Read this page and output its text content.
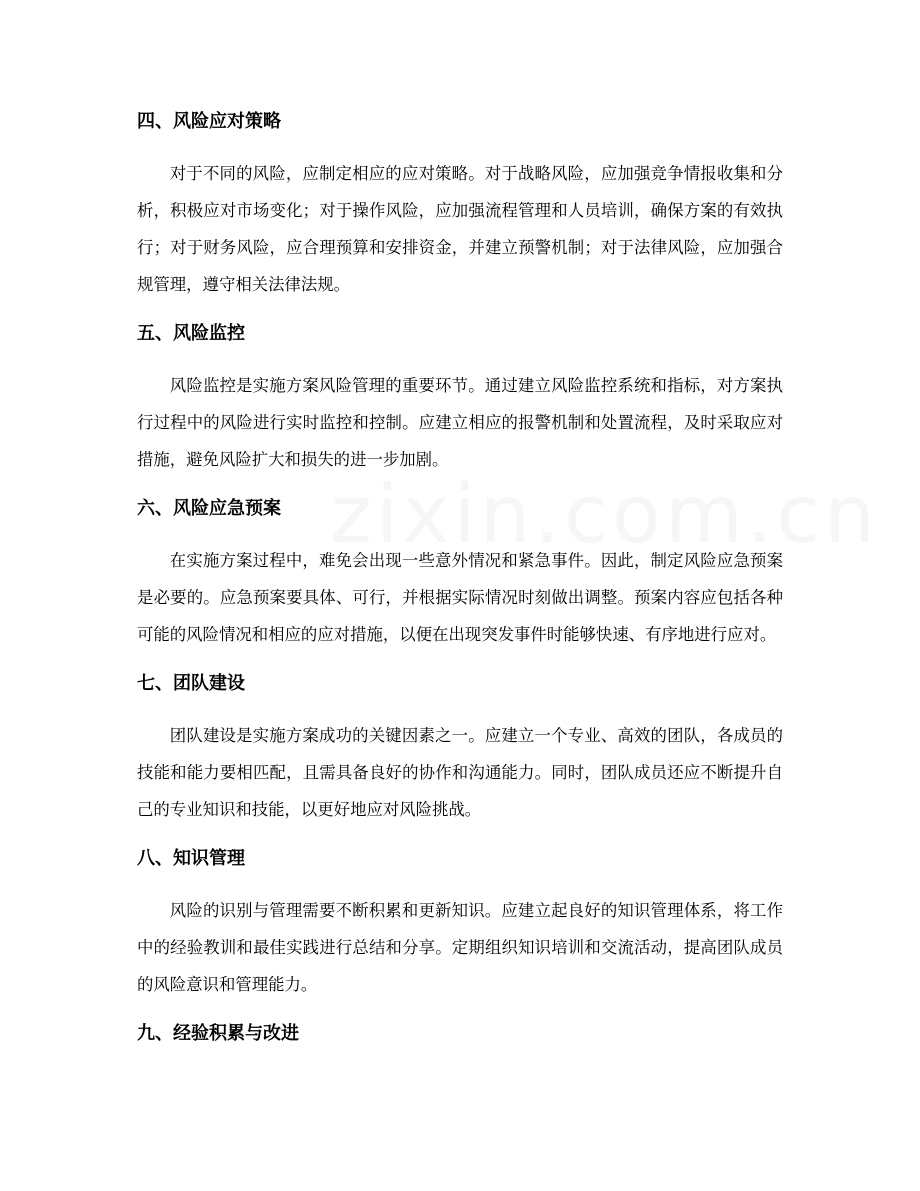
四、风险应对策略

对于不同的风险，应制定相应的应对策略。对于战略风险，应加强竞争情报收集和分析，积极应对市场变化；对于操作风险，应加强流程管理和人员培训，确保方案的有效执行；对于财务风险，应合理预算和安排资金，并建立预警机制；对于法律风险，应加强合规管理，遵守相关法律法规。

五、风险监控

风险监控是实施方案风险管理的重要环节。通过建立风险监控系统和指标，对方案执行过程中的风险进行实时监控和控制。应建立相应的报警机制和处置流程，及时采取应对措施，避免风险扩大和损失的进一步加剧。

六、风险应急预案

在实施方案过程中，难免会出现一些意外情况和紧急事件。因此，制定风险应急预案是必要的。应急预案要具体、可行，并根据实际情况时刻做出调整。预案内容应包括各种可能的风险情况和相应的应对措施，以便在出现突发事件时能够快速、有序地进行应对。

七、团队建设

团队建设是实施方案成功的关键因素之一。应建立一个专业、高效的团队，各成员的技能和能力要相匹配，且需具备良好的协作和沟通能力。同时，团队成员还应不断提升自己的专业知识和技能，以更好地应对风险挑战。

八、知识管理

风险的识别与管理需要不断积累和更新知识。应建立起良好的知识管理体系，将工作中的经验教训和最佳实践进行总结和分享。定期组织知识培训和交流活动，提高团队成员的风险意识和管理能力。

九、经验积累与改进
